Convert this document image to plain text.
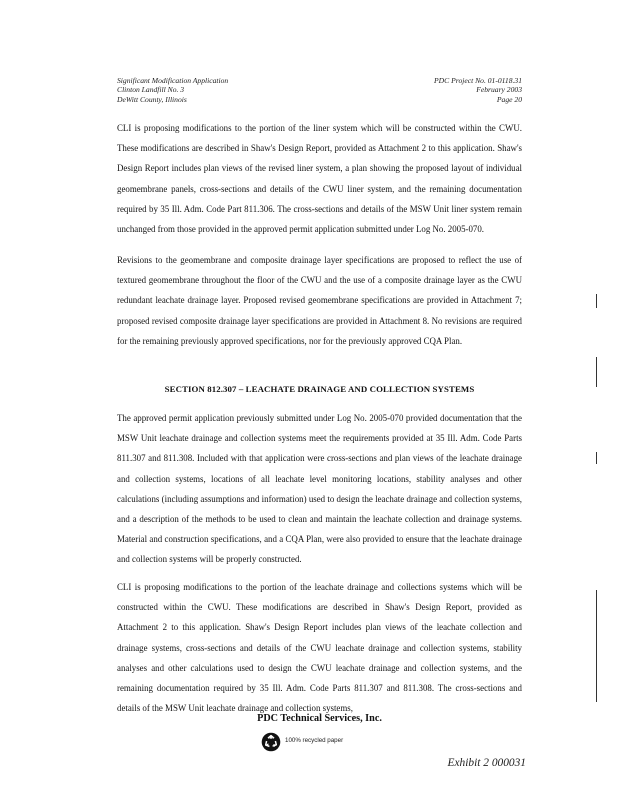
Significant Modification Application
Clinton Landfill No. 3
DeWitt County, Illinois
PDC Project No. 01-0118.31
February 2003
Page 20

CLI is proposing modifications to the portion of the liner system which will be constructed within the CWU. These modifications are described in Shaw's Design Report, provided as Attachment 2 to this application. Shaw's Design Report includes plan views of the revised liner system, a plan showing the proposed layout of individual geomembrane panels, cross-sections and details of the CWU liner system, and the remaining documentation required by 35 Ill. Adm. Code Part 811.306. The cross-sections and details of the MSW Unit liner system remain unchanged from those provided in the approved permit application submitted under Log No. 2005-070.

Revisions to the geomembrane and composite drainage layer specifications are proposed to reflect the use of textured geomembrane throughout the floor of the CWU and the use of a composite drainage layer as the CWU redundant leachate drainage layer. Proposed revised geomembrane specifications are provided in Attachment 7; proposed revised composite drainage layer specifications are provided in Attachment 8. No revisions are required for the remaining previously approved specifications, nor for the previously approved CQA Plan.

SECTION 812.307 – LEACHATE DRAINAGE AND COLLECTION SYSTEMS

The approved permit application previously submitted under Log No. 2005-070 provided documentation that the MSW Unit leachate drainage and collection systems meet the requirements provided at 35 Ill. Adm. Code Parts 811.307 and 811.308. Included with that application were cross-sections and plan views of the leachate drainage and collection systems, locations of all leachate level monitoring locations, stability analyses and other calculations (including assumptions and information) used to design the leachate drainage and collection systems, and a description of the methods to be used to clean and maintain the leachate collection and drainage systems. Material and construction specifications, and a CQA Plan, were also provided to ensure that the leachate drainage and collection systems will be properly constructed.

CLI is proposing modifications to the portion of the leachate drainage and collections systems which will be constructed within the CWU. These modifications are described in Shaw's Design Report, provided as Attachment 2 to this application. Shaw's Design Report includes plan views of the leachate collection and drainage systems, cross-sections and details of the CWU leachate drainage and collection systems, stability analyses and other calculations used to design the CWU leachate drainage and collection systems, and the remaining documentation required by 35 Ill. Adm. Code Parts 811.307 and 811.308. The cross-sections and details of the MSW Unit leachate drainage and collection systems,

PDC Technical Services, Inc.
100% recycled paper
Exhibit 2 000031
